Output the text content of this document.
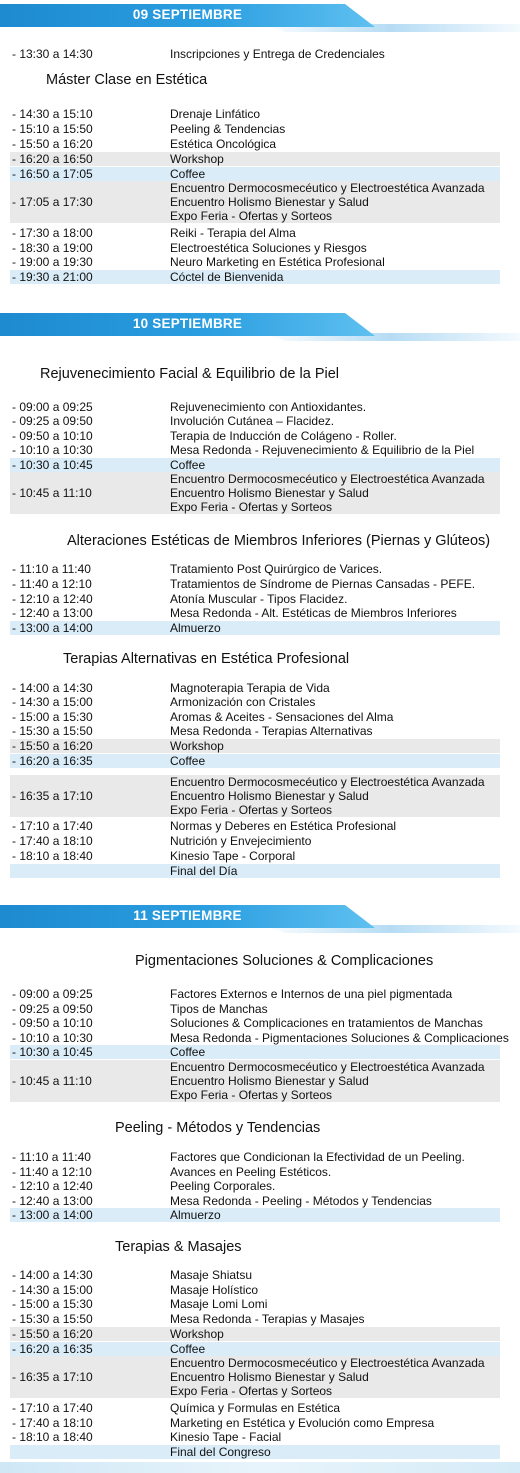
09 SEPTIEMBRE
10 SEPTIEMBRE
11 SEPTIEMBRE
Máster Clase en Estética
Rejuvenecimiento Facial & Equilibrio de la Piel
Alteraciones Estéticas de Miembros Inferiores (Piernas y Glúteos)
Terapias Alternativas en Estética Profesional
Pigmentaciones Soluciones & Complicaciones
Peeling - Métodos y Tendencias
Terapias & Masajes
- 13:30 a 14:30	Inscripciones y Entrega de Credenciales
- 14:30 a 15:10	Drenaje Linfático
- 15:10 a 15:50	Peeling & Tendencias
- 15:50 a 16:20	Estética Oncológica
- 16:20 a 16:50	Workshop
- 16:50 a 17:05	Coffee
- 17:05 a 17:30
Encuentro Dermocosmecéutico y Electroestética Avanzada
Encuentro Holismo Bienestar y Salud
Expo Feria - Ofertas y Sorteos
- 17:30 a 18:00	Reiki - Terapia del Alma
- 18:30 a 19:00	Electroestética Soluciones y Riesgos
- 19:00 a 19:30	Neuro Marketing en Estética Profesional
- 19:30 a 21:00	Cóctel de Bienvenida
- 09:00 a 09:25	Rejuvenecimiento con Antioxidantes.
- 09:25 a 09:50	Involución Cutánea – Flacidez.
- 09:50 a 10:10	Terapia de Inducción de Colágeno - Roller.
- 10:10 a 10:30	Mesa Redonda - Rejuvenecimiento & Equilibrio de la Piel
- 10:30 a 10:45	Coffee
- 10:45 a 11:10
Encuentro Dermocosmecéutico y Electroestética Avanzada
Encuentro Holismo Bienestar y Salud
Expo Feria - Ofertas y Sorteos
- 11:10 a 11:40	Tratamiento Post Quirúrgico de Varices.
- 11:40 a 12:10	Tratamientos de Síndrome de Piernas Cansadas - PEFE.
- 12:10 a 12:40	Atonía Muscular - Tipos Flacidez.
- 12:40 a 13:00	Mesa Redonda - Alt. Estéticas de Miembros Inferiores
- 13:00 a 14:00	Almuerzo
- 14:00 a 14:30	Magnoterapia Terapia de Vida
- 14:30 a 15:00	Armonización con Cristales
- 15:00 a 15:30	Aromas & Aceites - Sensaciones del Alma
- 15:30 a 15:50	Mesa Redonda - Terapias Alternativas
- 15:50 a 16:20	Workshop
- 16:20 a 16:35	Coffee
- 16:35 a 17:10
Encuentro Dermocosmecéutico y Electroestética Avanzada
Encuentro Holismo Bienestar y Salud
Expo Feria - Ofertas y Sorteos
- 17:10 a 17:40	Normas y Deberes en Estética Profesional
- 17:40 a 18:10	Nutrición y Envejecimiento
- 18:10 a 18:40	Kinesio Tape - Corporal
Final del Día
- 09:00 a 09:25	Factores Externos e Internos de una piel pigmentada
- 09:25 a 09:50	Tipos de Manchas
- 09:50 a 10:10	Soluciones & Complicaciones en tratamientos de Manchas
- 10:10 a 10:30	Mesa Redonda - Pigmentaciones Soluciones & Complicaciones
- 10:30 a 10:45	Coffee
- 10:45 a 11:10
Encuentro Dermocosmecéutico y Electroestética Avanzada
Encuentro Holismo Bienestar y Salud
Expo Feria - Ofertas y Sorteos
- 11:10 a 11:40	Factores que Condicionan la Efectividad de un Peeling.
- 11:40 a 12:10	Avances en Peeling Estéticos.
- 12:10 a 12:40	Peeling Corporales.
- 12:40 a 13:00	Mesa Redonda - Peeling - Métodos y Tendencias
- 13:00 a 14:00	Almuerzo
- 14:00 a 14:30	Masaje Shiatsu
- 14:30 a 15:00	Masaje Holístico
- 15:00 a 15:30	Masaje Lomi Lomi
- 15:30 a 15:50	Mesa Redonda - Terapias y Masajes
- 15:50 a 16:20	Workshop
- 16:20 a 16:35	Coffee
- 16:35 a 17:10
Encuentro Dermocosmecéutico y Electroestética Avanzada
Encuentro Holismo Bienestar y Salud
Expo Feria - Ofertas y Sorteos
- 17:10 a 17:40	Química y Formulas en Estética
- 17:40 a 18:10	Marketing en Estética y Evolución como Empresa
- 18:10 a 18:40	Kinesio Tape - Facial
Final del Congreso
